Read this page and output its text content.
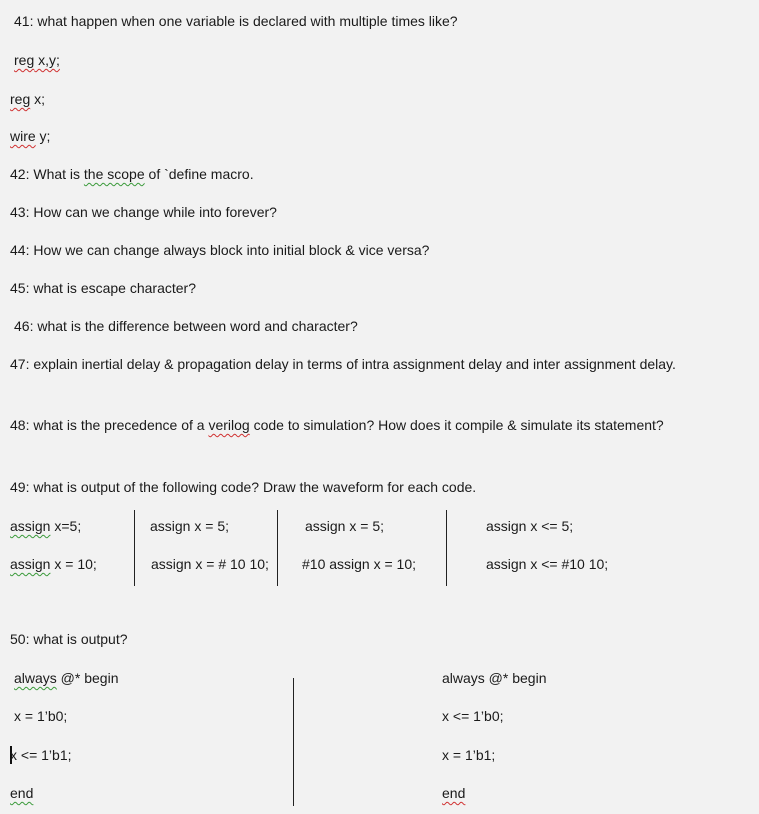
41: what happen when one variable is declared with multiple times like?
reg x,y;
reg x;
wire y;
42: What is the scope of `define macro.
43: How can we change while into forever?
44: How we can change always block into initial block & vice versa?
45: what is escape character?
46: what is the difference between word and character?
47: explain inertial delay & propagation delay in terms of intra assignment delay and inter assignment delay.
48: what is the precedence of a verilog code to simulation? How does it compile & simulate its statement?
49: what is output of the following code? Draw the waveform for each code.
assign x=5;
assign x = 10;
assign x = 5;
assign x = # 10 10;
assign x = 5;
#10 assign x = 10;
assign x <= 5;
assign x <= #10 10;
50: what is output?
always @* begin
x = 1’b0;
x <= 1’b1;
end
always @* begin
x <= 1’b0;
x = 1’b1;
end
